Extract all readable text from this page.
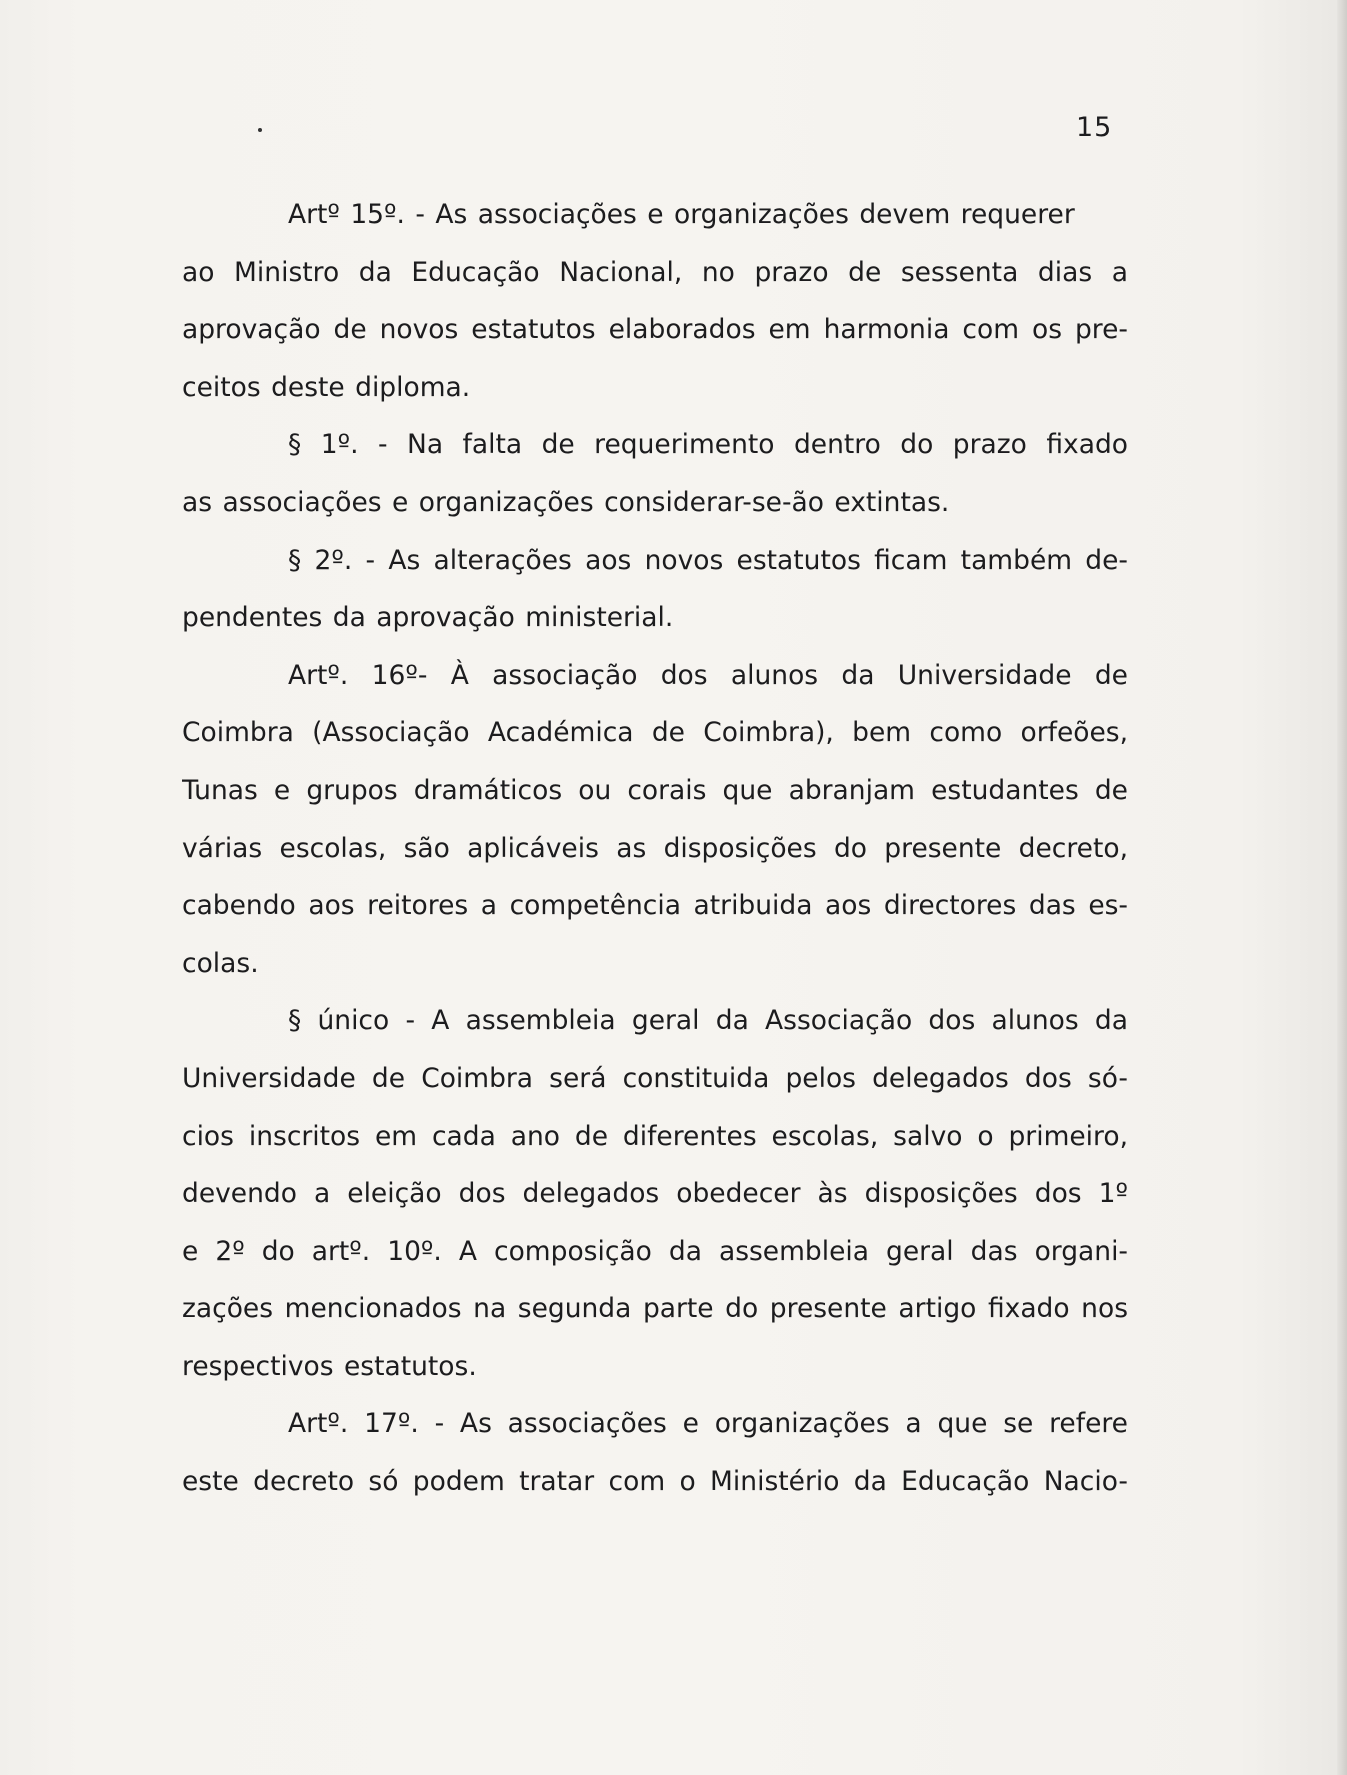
15
Artº 15º. - As associações e organizações devem requerer
ao Ministro da Educação Nacional, no prazo de sessenta dias a
aprovação de novos estatutos elaborados em harmonia com os pre-
ceitos deste diploma.
§ 1º. - Na falta de requerimento dentro do prazo fixado
as associações e organizações considerar-se-ão extintas.
§ 2º. - As alterações aos novos estatutos ficam também de-
pendentes da aprovação ministerial.
Artº. 16º- À associação dos alunos da Universidade de
Coimbra (Associação Académica de Coimbra), bem como orfeões,
Tunas e grupos dramáticos ou corais que abranjam estudantes de
várias escolas, são aplicáveis as disposições do presente decreto,
cabendo aos reitores a competência atribuida aos directores das es-
colas.
§ único - A assembleia geral da Associação dos alunos da
Universidade de Coimbra será constituida pelos delegados dos só-
cios inscritos em cada ano de diferentes escolas, salvo o primeiro,
devendo a eleição dos delegados obedecer às disposições dos 1º
e 2º do artº. 10º. A composição da assembleia geral das organi-
zações mencionados na segunda parte do presente artigo fixado nos
respectivos estatutos.
Artº. 17º. - As associações e organizações a que se refere
este decreto só podem tratar com o Ministério da Educação Nacio-
